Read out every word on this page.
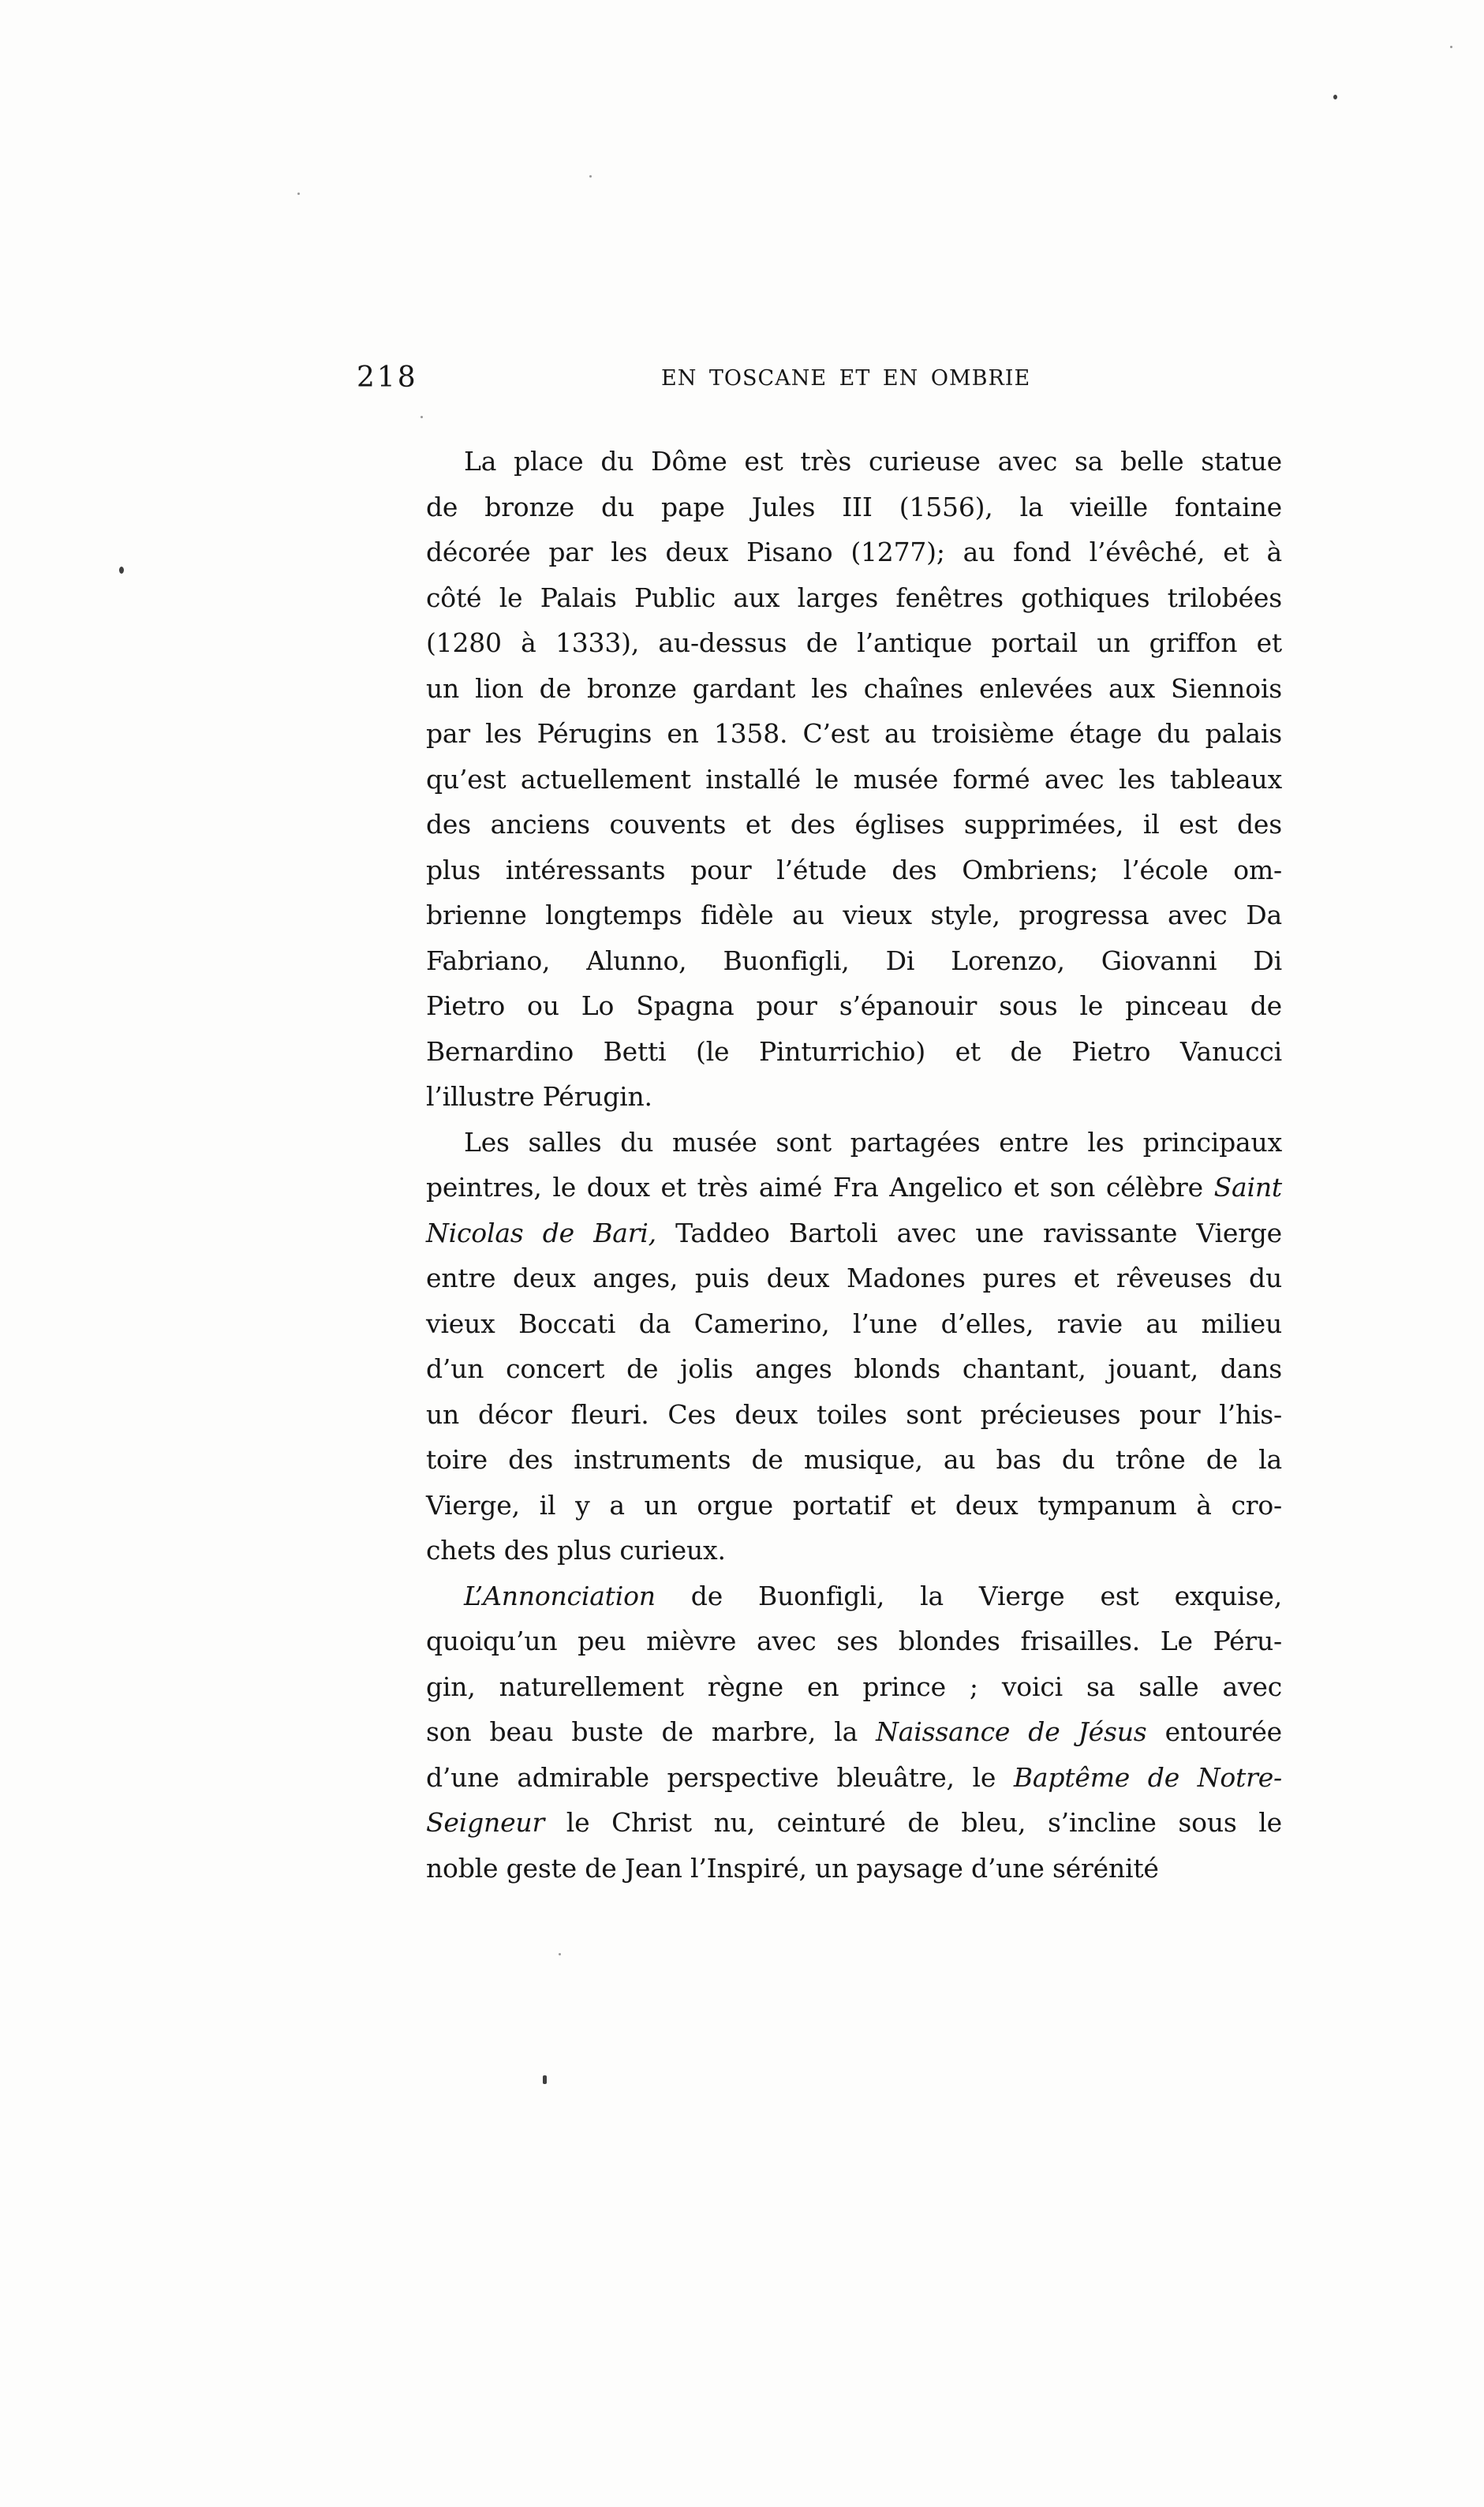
218	EN TOSCANE ET EN OMBRIE
La place du Dôme est très curieuse avec sa belle statue
de bronze du pape Jules III (1556), la vieille fontaine
décorée par les deux Pisano (1277); au fond l’évêché, et à
côté le Palais Public aux larges fenêtres gothiques trilobées
(1280 à 1333), au-dessus de l’antique portail un griffon et
un lion de bronze gardant les chaînes enlevées aux Siennois
par les Pérugins en 1358. C’est au troisième étage du palais
qu’est actuellement installé le musée formé avec les tableaux
des anciens couvents et des églises supprimées, il est des
plus intéressants pour l’étude des Ombriens; l’école om-
brienne longtemps fidèle au vieux style, progressa avec Da
Fabriano, Alunno, Buonfigli, Di Lorenzo, Giovanni Di
Pietro ou Lo Spagna pour s’épanouir sous le pinceau de
Bernardino Betti (le Pinturrichio) et de Pietro Vanucci
l’illustre Pérugin.
Les salles du musée sont partagées entre les principaux
peintres, le doux et très aimé Fra Angelico et son célèbre Saint
Nicolas de Bari, Taddeo Bartoli avec une ravissante Vierge
entre deux anges, puis deux Madones pures et rêveuses du
vieux Boccati da Camerino, l’une d’elles, ravie au milieu
d’un concert de jolis anges blonds chantant, jouant, dans
un décor fleuri. Ces deux toiles sont précieuses pour l’his-
toire des instruments de musique, au bas du trône de la
Vierge, il y a un orgue portatif et deux tympanum à cro-
chets des plus curieux.
L’Annonciation de Buonfigli, la Vierge est exquise,
quoiqu’un peu mièvre avec ses blondes frisailles. Le Péru-
gin, naturellement règne en prince ; voici sa salle avec
son beau buste de marbre, la Naissance de Jésus entourée
d’une admirable perspective bleuâtre, le Baptême de Notre-
Seigneur le Christ nu, ceinturé de bleu, s’incline sous le
noble geste de Jean l’Inspiré, un paysage d’une sérénité
